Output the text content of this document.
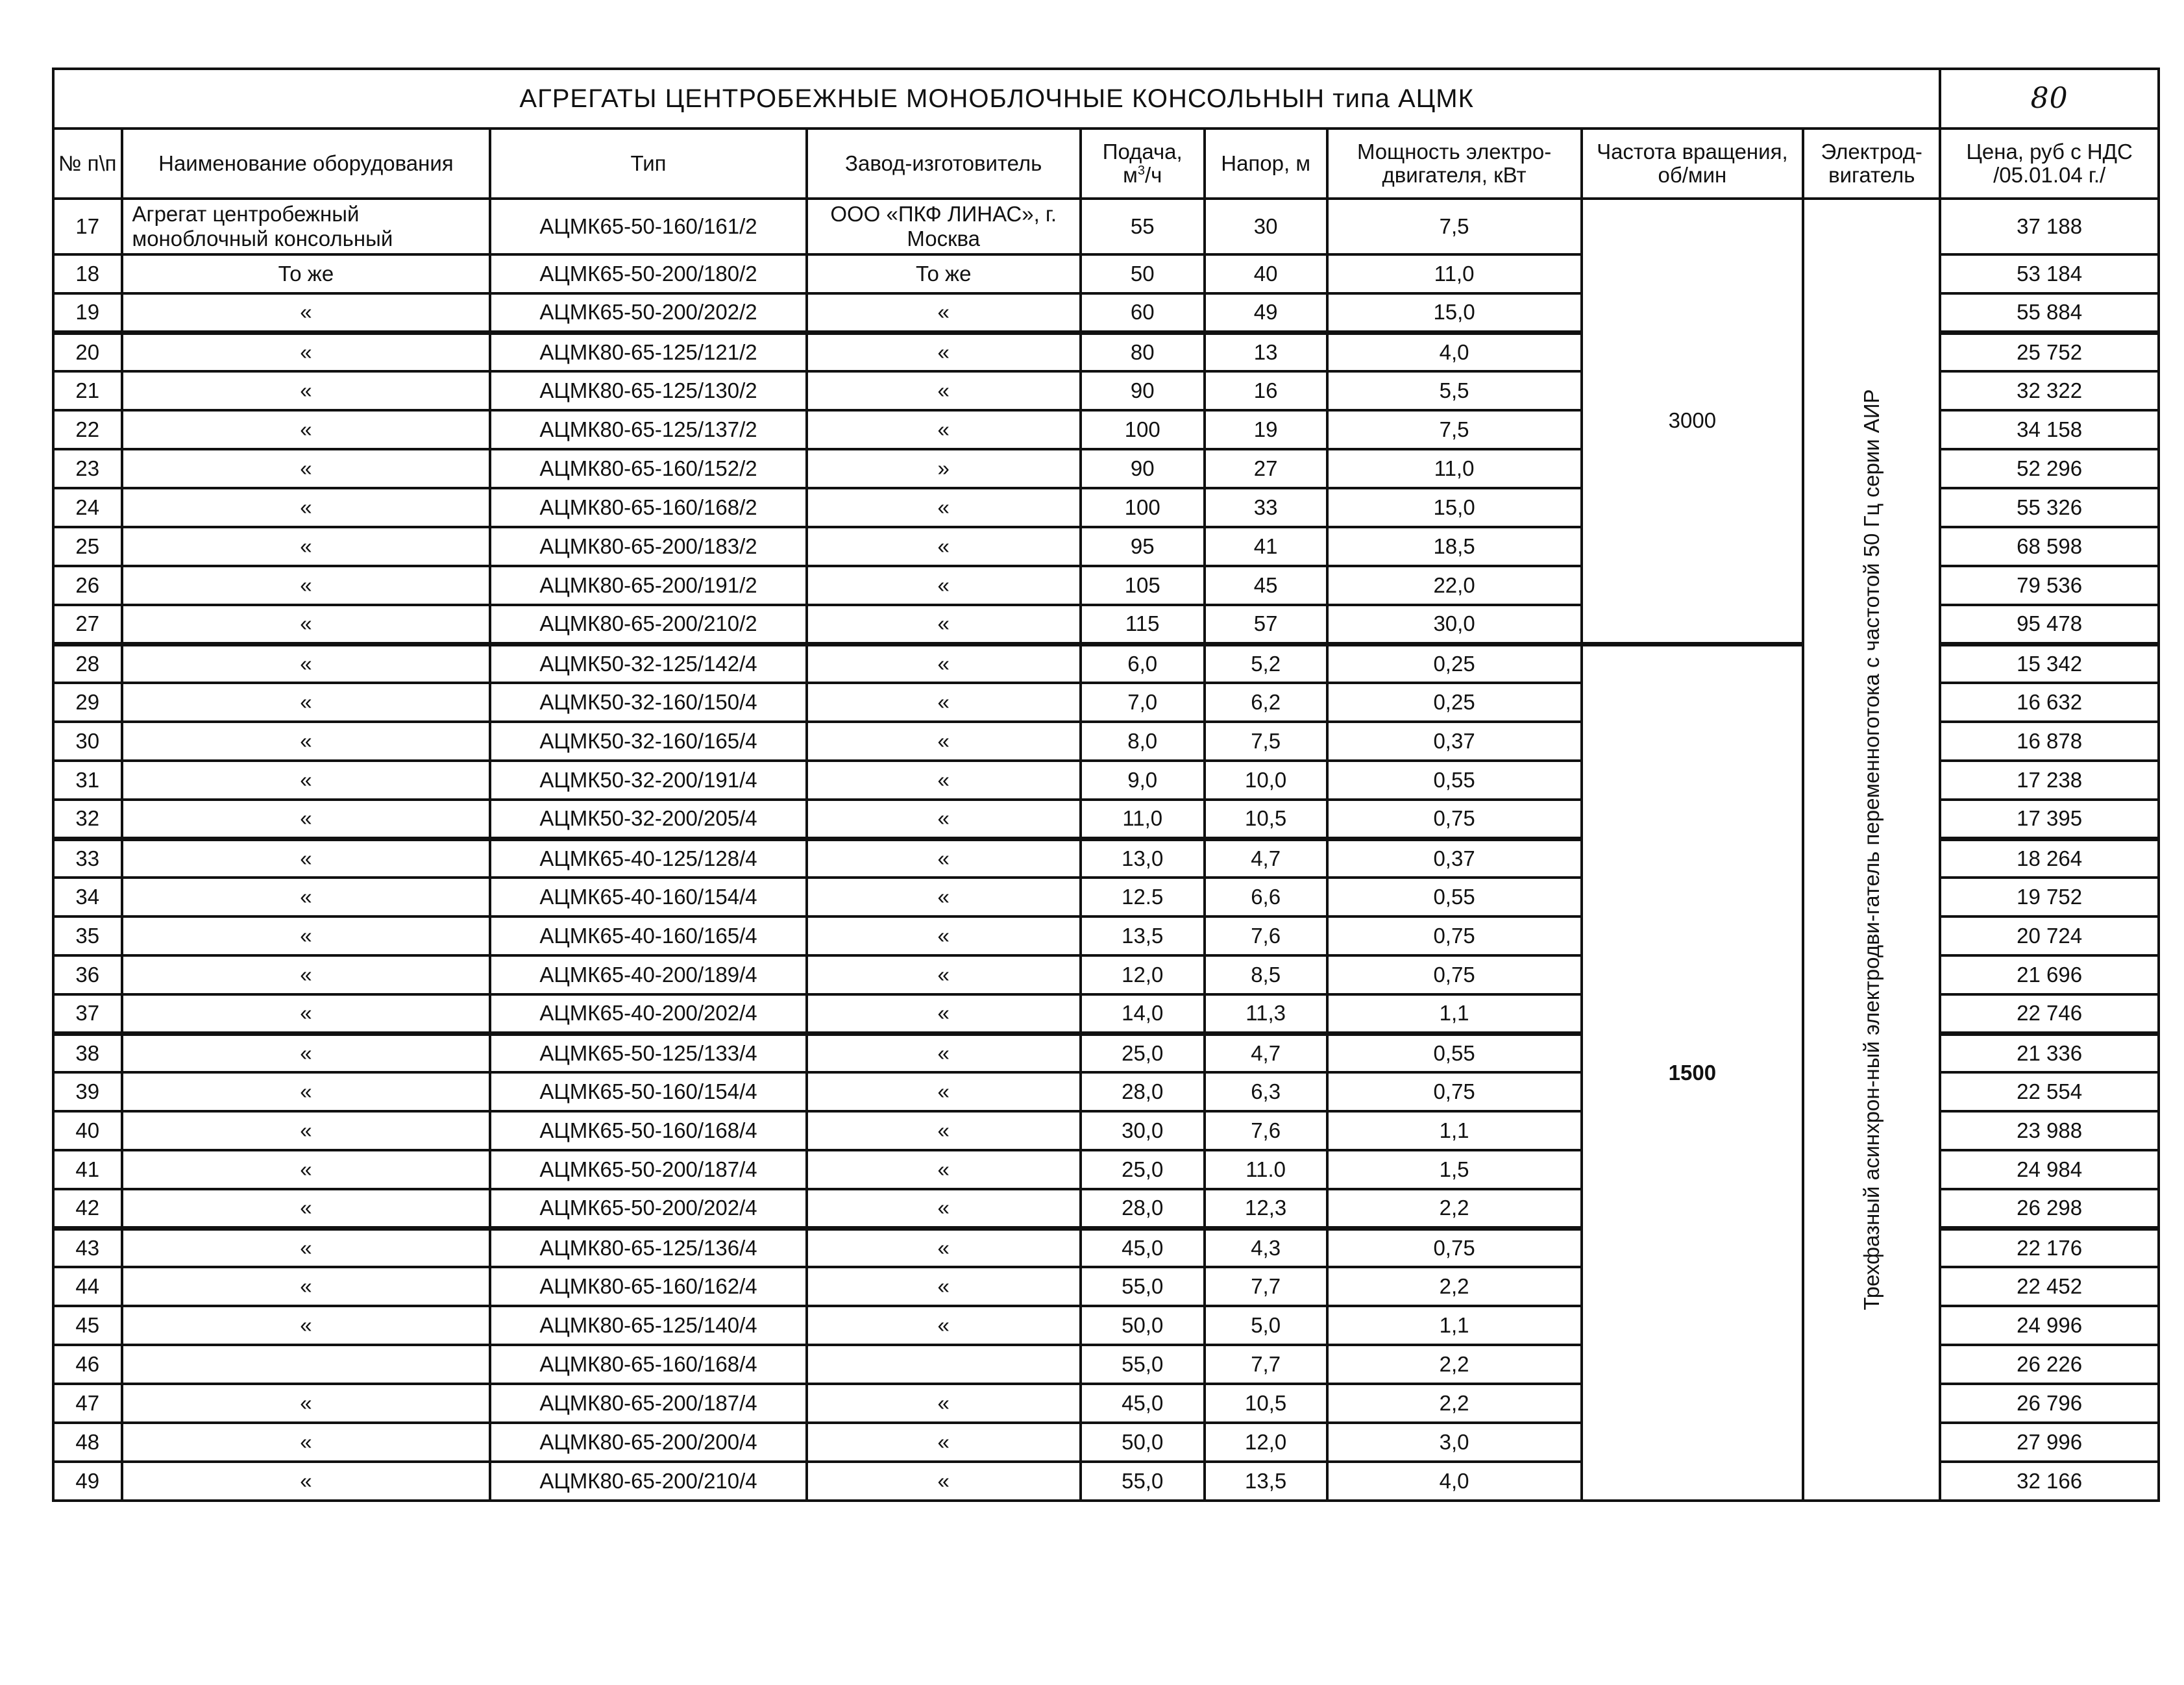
АГРЕГАТЫ ЦЕНТРОБЕЖНЫЕ МОНОБЛОЧНЫЕ КОНСОЛЬНЫН типа АЦМК									80
№ п\п	Наименование оборудования	Тип	Завод-изготовитель	Подача, $м^3/ч$	Напор, м	Мощность электро-двигателя, кВт	Частота вращения, об/мин	Электрод-вигатель	Цена, руб с НДС /05.01.04 г./
17	Агрегат центробежный моноблочный консольный	АЦМК65-50-160/161/2	ООО «ПКФ ЛИНАС», г. Москва	55	30	7,5	3000	Трехфазный асинхрон-ный электродви-гатель переменноготока с частотой 50 Гц серии АИР	37 188
18	То же	АЦМК65-50-200/180/2	То же	50	40	11,0			53 184
19	«	АЦМК65-50-200/202/2	«	60	49	15,0			55 884
20	«	АЦМК80-65-125/121/2	«	80	13	4,0			25 752
21	«	АЦМК80-65-125/130/2	«	90	16	5,5			32 322
22	«	АЦМК80-65-125/137/2	«	100	19	7,5			34 158
23	«	АЦМК80-65-160/152/2	»	90	27	11,0			52 296
24	«	АЦМК80-65-160/168/2	«	100	33	15,0			55 326
25	«	АЦМК80-65-200/183/2	«	95	41	18,5			68 598
26	«	АЦМК80-65-200/191/2	«	105	45	22,0			79 536
27	«	АЦМК80-65-200/210/2	«	115	57	30,0			95 478
28	«	АЦМК50-32-125/142/4	«	6,0	5,2	0,25	1500		15 342
29	«	АЦМК50-32-160/150/4	«	7,0	6,2	0,25			16 632
30	«	АЦМК50-32-160/165/4	«	8,0	7,5	0,37			16 878
31	«	АЦМК50-32-200/191/4	«	9,0	10,0	0,55			17 238
32	«	АЦМК50-32-200/205/4	«	11,0	10,5	0,75			17 395
33	«	АЦМК65-40-125/128/4	«	13,0	4,7	0,37			18 264
34	«	АЦМК65-40-160/154/4	«	12.5	6,6	0,55			19 752
35	«	АЦМК65-40-160/165/4	«	13,5	7,6	0,75			20 724
36	«	АЦМК65-40-200/189/4	«	12,0	8,5	0,75			21 696
37	«	АЦМК65-40-200/202/4	«	14,0	11,3	1,1			22 746
38	«	АЦМК65-50-125/133/4	«	25,0	4,7	0,55			21 336
39	«	АЦМК65-50-160/154/4	«	28,0	6,3	0,75			22 554
40	«	АЦМК65-50-160/168/4	«	30,0	7,6	1,1			23 988
41	«	АЦМК65-50-200/187/4	«	25,0	11.0	1,5			24 984
42	«	АЦМК65-50-200/202/4	«	28,0	12,3	2,2			26 298
43	«	АЦМК80-65-125/136/4	«	45,0	4,3	0,75			22 176
44	«	АЦМК80-65-160/162/4	«	55,0	7,7	2,2			22 452
45	«	АЦМК80-65-125/140/4	«	50,0	5,0	1,1			24 996
46		АЦМК80-65-160/168/4		55,0	7,7	2,2			26 226
47	«	АЦМК80-65-200/187/4	«	45,0	10,5	2,2			26 796
48	«	АЦМК80-65-200/200/4	«	50,0	12,0	3,0			27 996
49	«	АЦМК80-65-200/210/4	«	55,0	13,5	4,0			32 166
